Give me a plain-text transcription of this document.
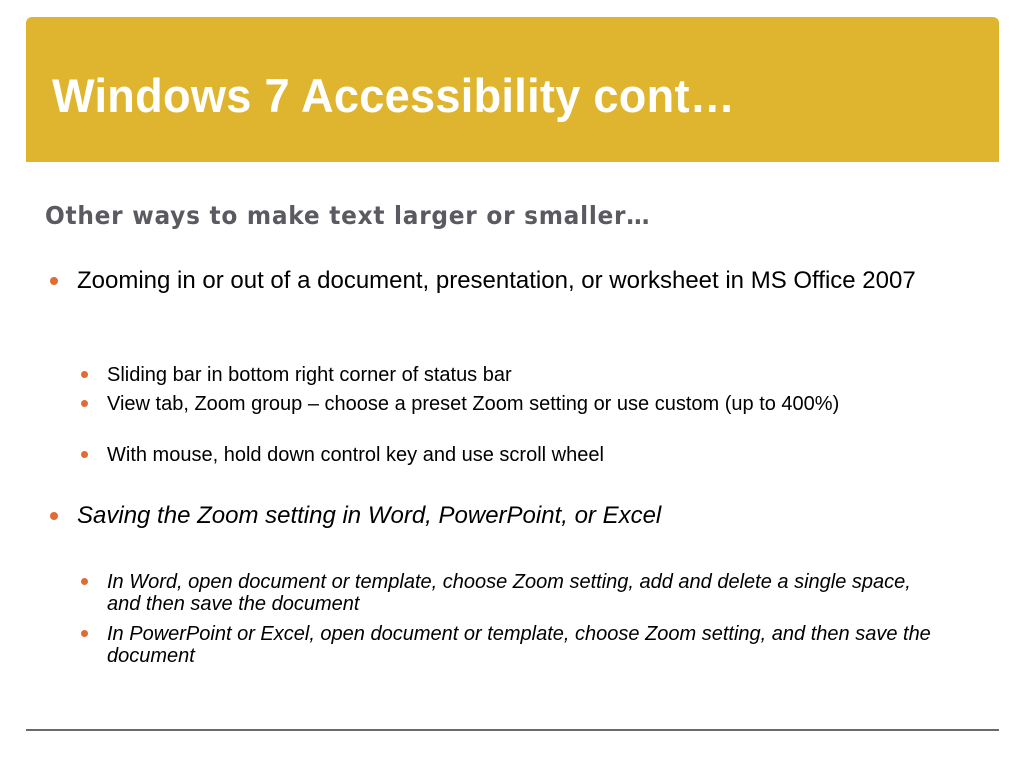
Windows 7 Accessibility cont…
Other ways to make text larger or smaller…
Zooming in or out of a document, presentation, or worksheet in MS Office 2007
Sliding bar in bottom right corner of status bar
View tab, Zoom group – choose a preset Zoom setting or use custom (up to 400%)
With mouse, hold down control key and use scroll wheel
Saving the Zoom setting in Word, PowerPoint, or Excel
In Word, open document or template, choose Zoom setting, add and delete a single space, and then save the document
In PowerPoint or Excel, open document or template, choose Zoom setting, and then save the document
